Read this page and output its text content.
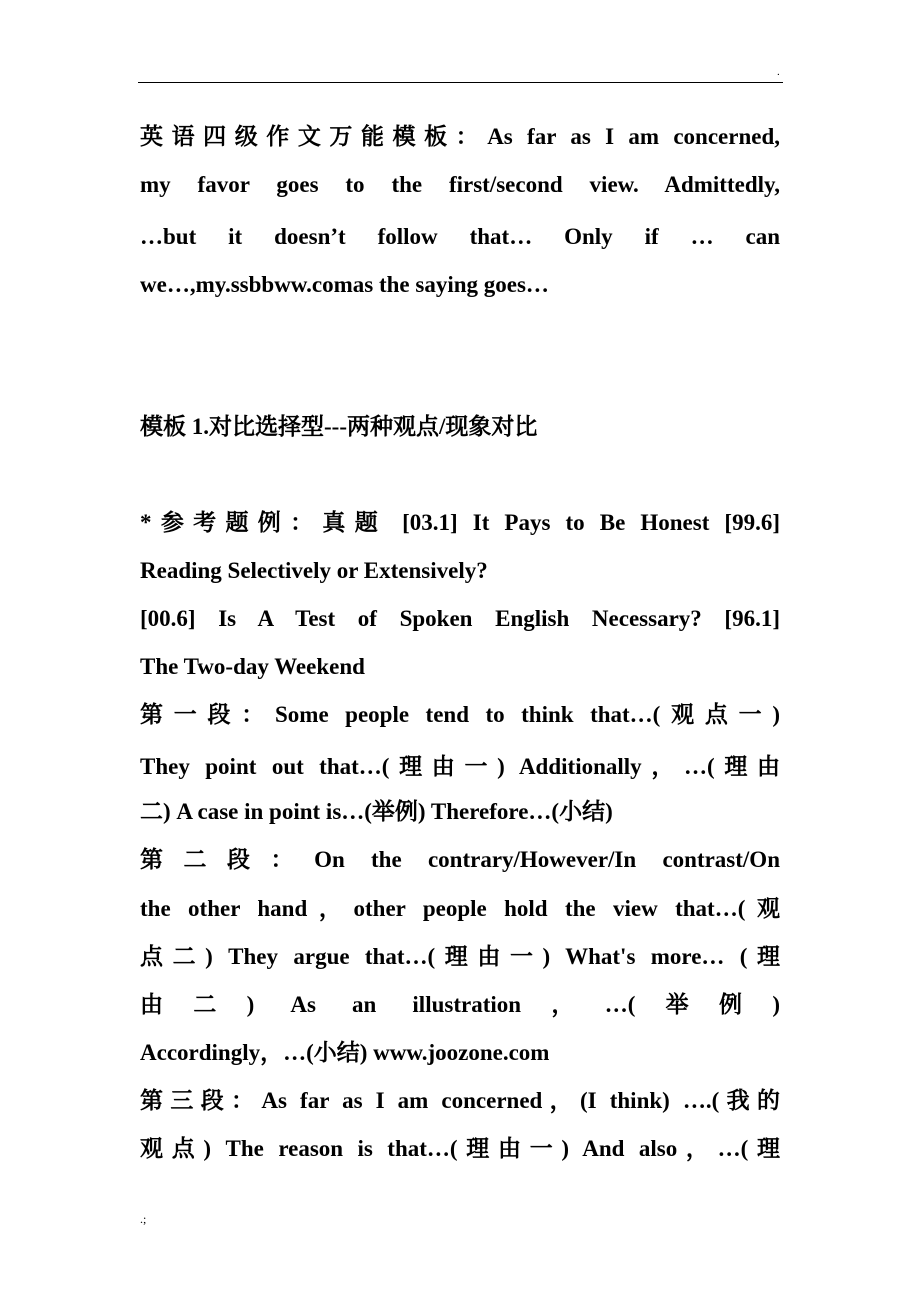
.
英语四级作文万能模板：As far as I am concerned,
my favor goes to the first/second view. Admittedly,
…but it doesn’t follow that… Only if … can
we…,my.ssbbww.comas the saying goes…
模板 1.对比选择型---两种观点/现象对比
*参考题例：真题 [03.1] It Pays to Be Honest [99.6]
Reading Selectively or Extensively?
[00.6] Is A Test of Spoken English Necessary? [96.1]
The Two-day Weekend
第一段：Some people tend to think that…(观点一)
They point out that…(理由一) Additionally，…(理由
二) A case in point is…(举例) Therefore…(小结)
第二段：On the contrary/However/In contrast/On
the other hand，other people hold the view that…(观
点二) They argue that…(理由一) What's more… (理
由二) As an illustration，…(举例)
Accordingly，…(小结) www.joozone.com
第三段：As far as I am concerned，(I think) ….(我的
观点) The reason is that…(理由一) And also，…(理
.;
